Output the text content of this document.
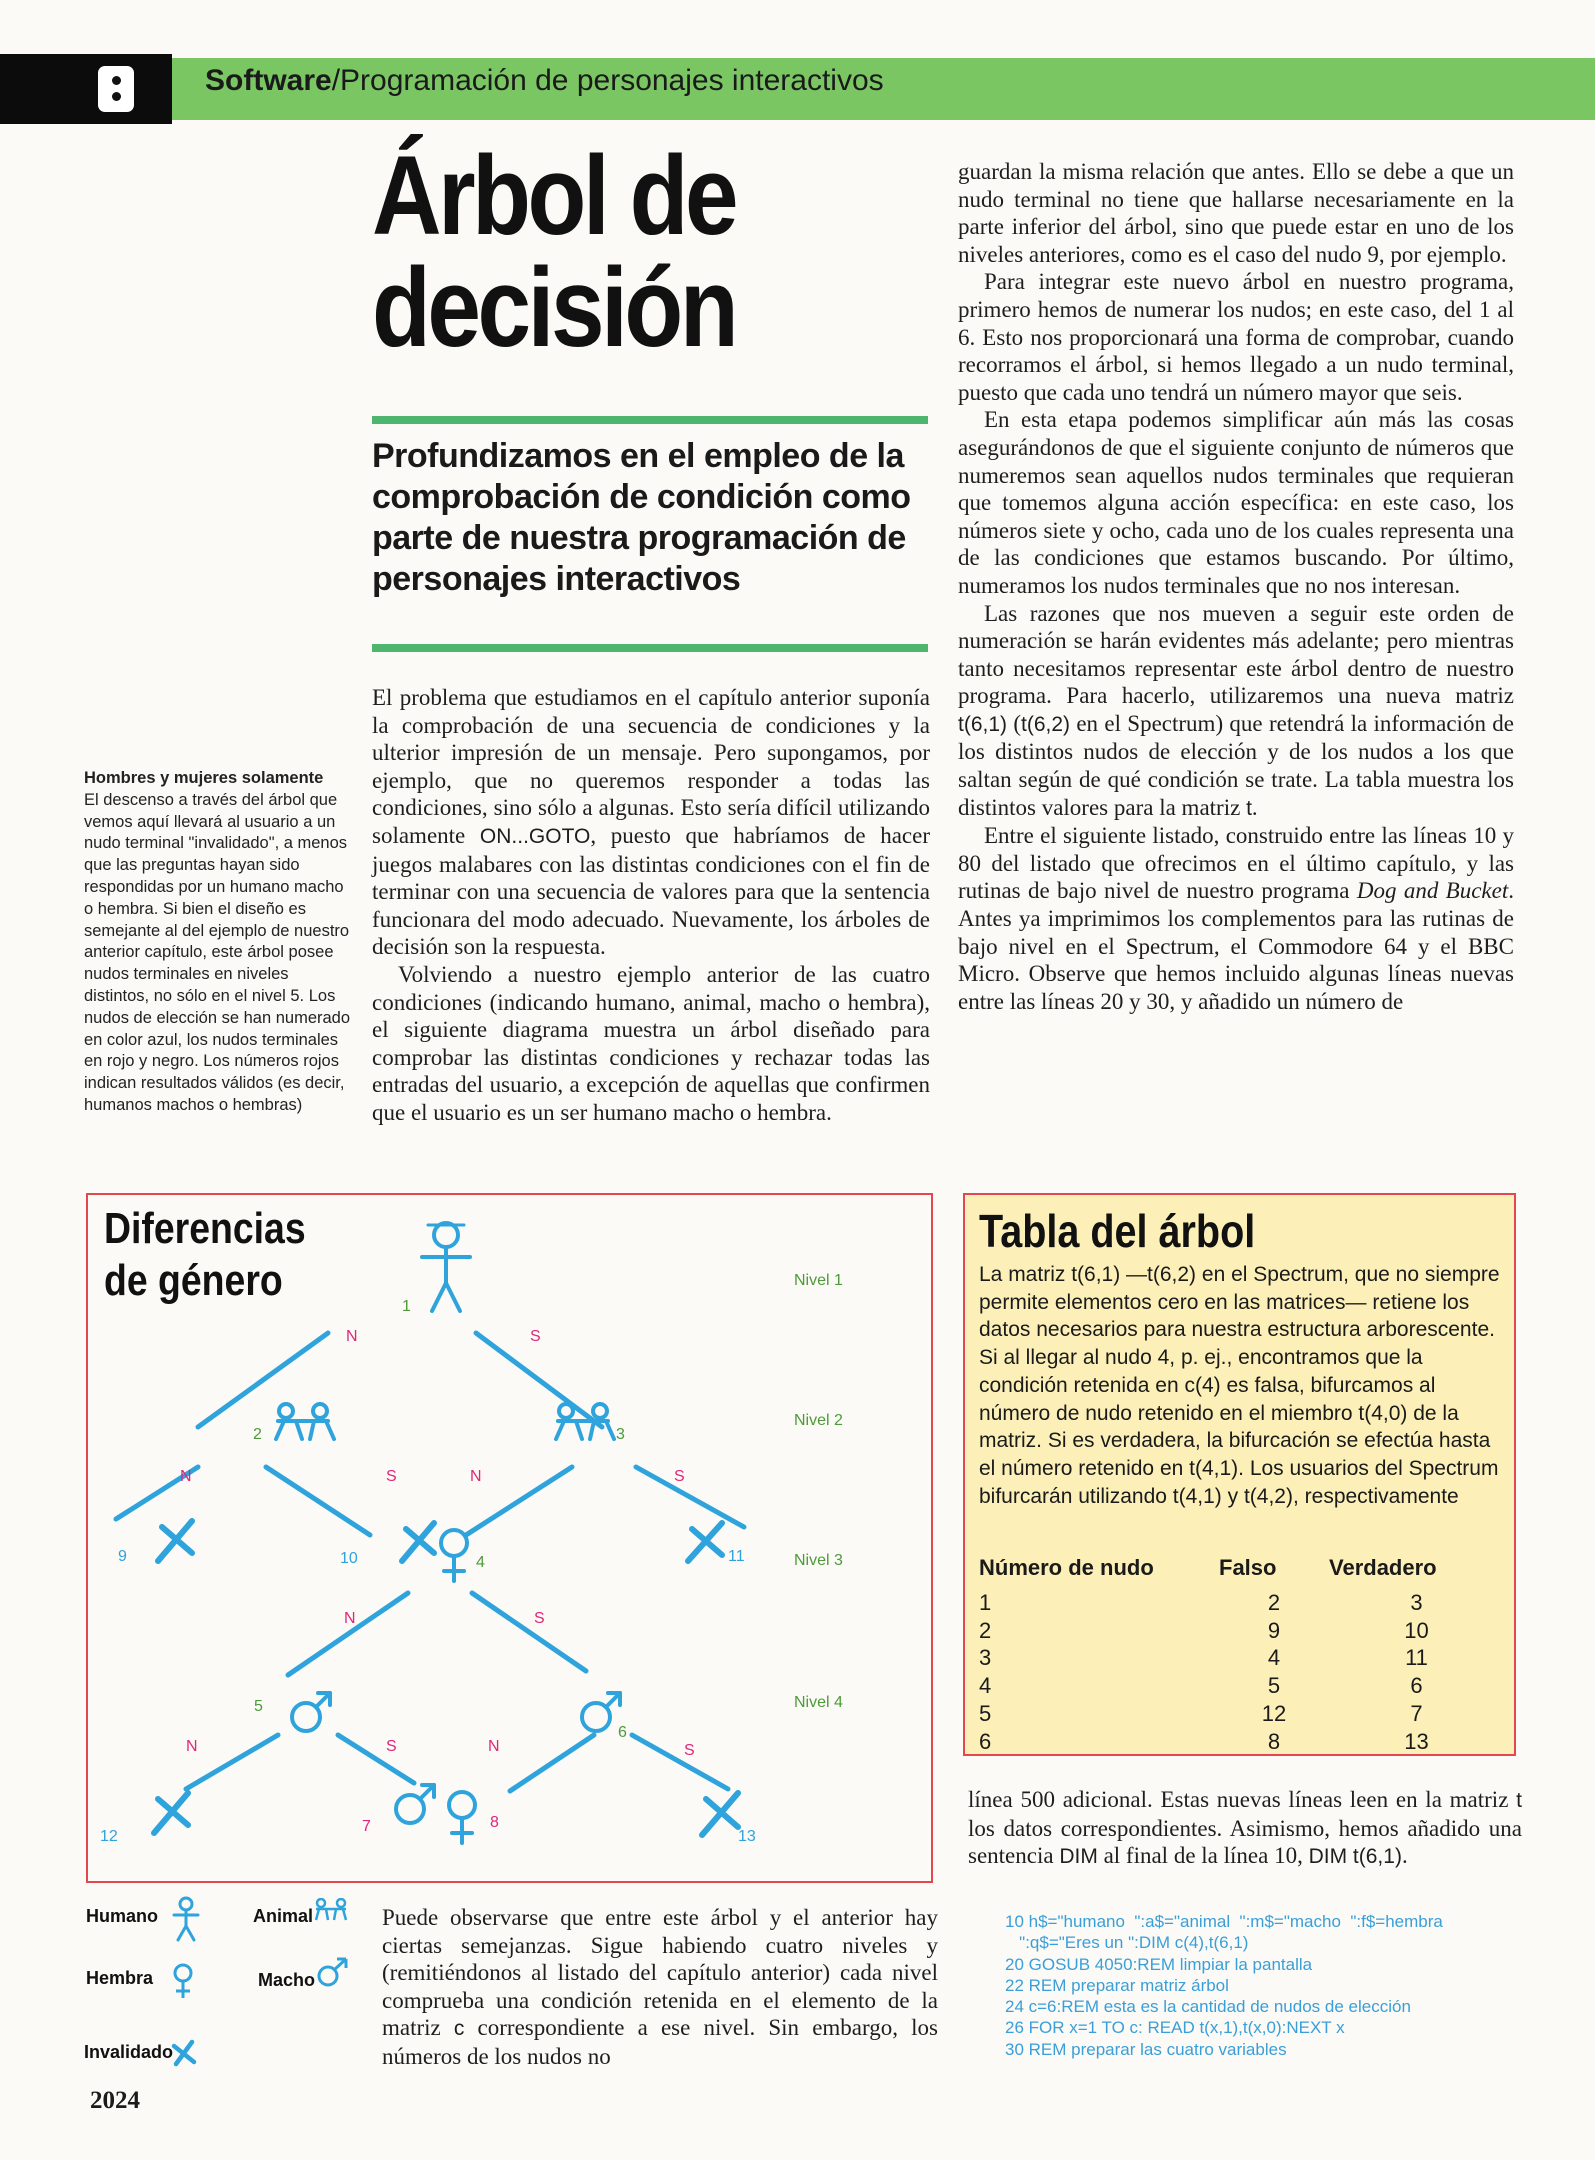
Software/Programación de personajes interactivos
Árbol de
decisión
Profundizamos en el empleo de la comprobación de condición como parte de nuestra programación de personajes interactivos
Hombres y mujeres solamente
El descenso a través del árbol que vemos aquí llevará al usuario a un nudo terminal "invalidado", a menos que las preguntas hayan sido respondidas por un humano macho o hembra. Si bien el diseño es semejante al del ejemplo de nuestro anterior capítulo, este árbol posee nudos terminales en niveles distintos, no sólo en el nivel 5. Los nudos de elección se han numerado en color azul, los nudos terminales en rojo y negro. Los números rojos indican resultados válidos (es decir, humanos machos o hembras)

El problema que estudiamos en el capítulo anterior suponía la comprobación de una secuencia de condiciones y la ulterior impresión de un mensaje. Pero supongamos, por ejemplo, que no queremos responder a todas las condiciones, sino sólo a algunas. Esto sería difícil utilizando solamente ON...GOTO, puesto que habríamos de hacer juegos malabares con las distintas condiciones con el fin de terminar con una secuencia de valores para que la sentencia funcionara del modo adecuado. Nuevamente, los árboles de decisión son la respuesta.

Volviendo a nuestro ejemplo anterior de las cuatro condiciones (indicando humano, animal, macho o hembra), el siguiente diagrama muestra un árbol diseñado para comprobar las distintas condiciones y rechazar todas las entradas del usuario, a excepción de aquellas que confirmen que el usuario es un ser humano macho o hembra.

guardan la misma relación que antes. Ello se debe a que un nudo terminal no tiene que hallarse necesariamente en la parte inferior del árbol, sino que puede estar en uno de los niveles anteriores, como es el caso del nudo 9, por ejemplo.

Para integrar este nuevo árbol en nuestro programa, primero hemos de numerar los nudos; en este caso, del 1 al 6. Esto nos proporcionará una forma de comprobar, cuando recorramos el árbol, si hemos llegado a un nudo terminal, puesto que cada uno tendrá un número mayor que seis.

En esta etapa podemos simplificar aún más las cosas asegurándonos de que el siguiente conjunto de números que numeremos sean aquellos nudos terminales que requieran que tomemos alguna acción específica: en este caso, los números siete y ocho, cada uno de los cuales representa una de las condiciones que estamos buscando. Por último, numeramos los nudos terminales que no nos interesan.

Las razones que nos mueven a seguir este orden de numeración se harán evidentes más adelante; pero mientras tanto necesitamos representar este árbol dentro de nuestro programa. Para hacerlo, utilizaremos una nueva matriz t(6,1) (t(6,2) en el Spectrum) que retendrá la información de los distintos nudos de elección y de los nudos a los que saltan según de qué condición se trate. La tabla muestra los distintos valores para la matriz t.

Entre el siguiente listado, construido entre las líneas 10 y 80 del listado que ofrecimos en el último capítulo, y las rutinas de bajo nivel de nuestro programa Dog and Bucket. Antes ya imprimimos los complementos para las rutinas de bajo nivel en el Spectrum, el Commodore 64 y el BBC Micro. Observe que hemos incluido algunas líneas nuevas entre las líneas 20 y 30, y añadido un número de

Diferencias
de género
1
2	3
4
5
6
7	8
9	10	11
12	13
N	S
N	S	N	S
N	S
N	S	N	S
Nivel 1
Nivel 2
Nivel 3
Nivel 4
Humano	Animal
Hembra	Macho
Invalidado

Puede observarse que entre este árbol y el anterior hay ciertas semejanzas. Sigue habiendo cuatro niveles y (remitiéndonos al listado del capítulo anterior) cada nivel comprueba una condición retenida en el elemento de la matriz c correspondiente a ese nivel. Sin embargo, los números de los nudos no

Tabla del árbol
La matriz t(6,1) —t(6,2) en el Spectrum, que no siempre permite elementos cero en las matrices— retiene los datos necesarios para nuestra estructura arborescente. Si al llegar al nudo 4, p. ej., encontramos que la condición retenida en c(4) es falsa, bifurcamos al número de nudo retenido en el miembro t(4,0) de la matriz. Si es verdadera, la bifurcación se efectúa hasta el número retenido en t(4,1). Los usuarios del Spectrum bifurcarán utilizando t(4,1) y t(4,2), respectivamente
Número de nudo	Falso	Verdadero
1	2	3
2	9	10
3	4	11
4	5	6
5	12	7
6	8	13

línea 500 adicional. Estas nuevas líneas leen en la matriz t los datos correspondientes. Asimismo, hemos añadido una sentencia DIM al final de la línea 10, DIM t(6,1).

10 h$="humano  ":a$="animal  ":m$="macho  ":f$=hembra
":q$="Eres un ":DIM c(4),t(6,1)
20 GOSUB 4050:REM limpiar la pantalla
22 REM preparar matriz árbol
24 c=6:REM esta es la cantidad de nudos de elección
26 FOR x=1 TO c: READ t(x,1),t(x,0):NEXT x
30 REM preparar las cuatro variables
2024
